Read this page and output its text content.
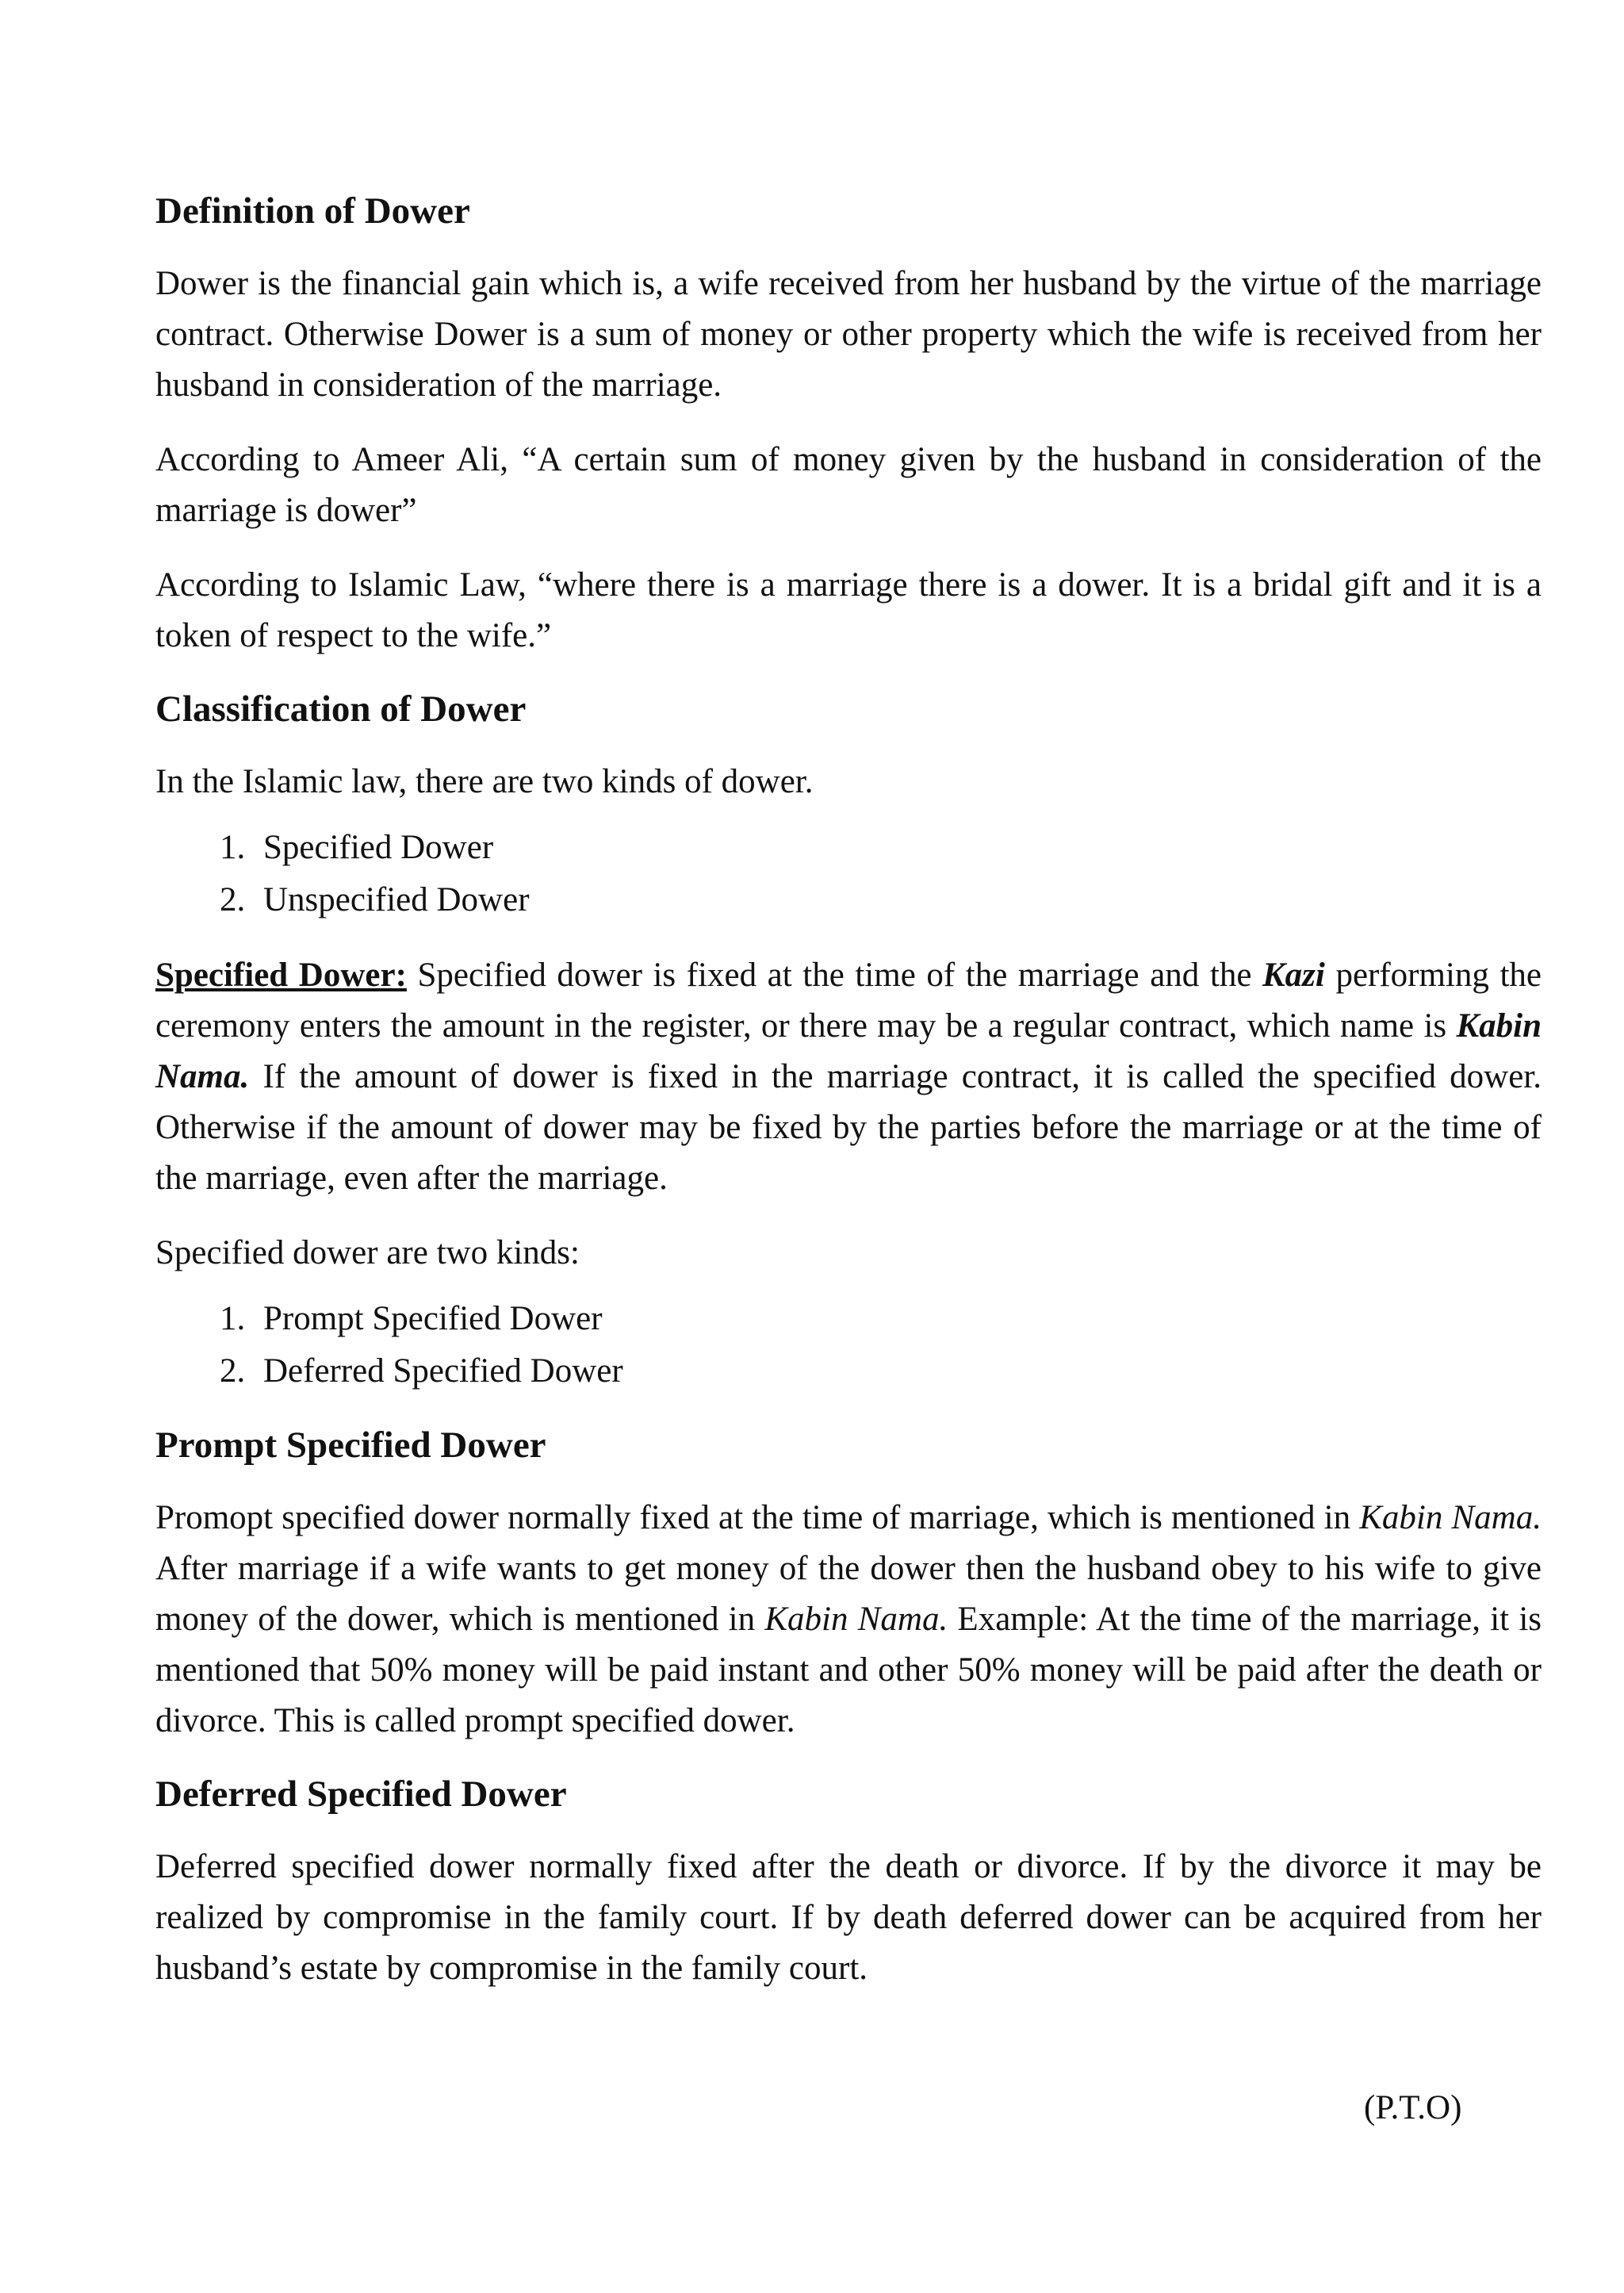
Definition of Dower

Dower is the financial gain which is, a wife received from her husband by the virtue of the marriage contract. Otherwise Dower is a sum of money or other property which the wife is received from her husband in consideration of the marriage.

According to Ameer Ali, “A certain sum of money given by the husband in consideration of the marriage is dower”

According to Islamic Law, “where there is a marriage there is a dower. It is a bridal gift and it is a token of respect to the wife.”

Classification of Dower

In the Islamic law, there are two kinds of dower.

1. Specified Dower
2. Unspecified Dower

Specified Dower: Specified dower is fixed at the time of the marriage and the Kazi performing the ceremony enters the amount in the register, or there may be a regular contract, which name is Kabin Nama. If the amount of dower is fixed in the marriage contract, it is called the specified dower. Otherwise if the amount of dower may be fixed by the parties before the marriage or at the time of the marriage, even after the marriage.

Specified dower are two kinds:

1. Prompt Specified Dower
2. Deferred Specified Dower
Prompt Specified Dower

Promopt specified dower normally fixed at the time of marriage, which is mentioned in Kabin Nama. After marriage if a wife wants to get money of the dower then the husband obey to his wife to give money of the dower, which is mentioned in Kabin Nama. Example: At the time of the marriage, it is mentioned that 50% money will be paid instant and other 50% money will be paid after the death or divorce. This is called prompt specified dower.

Deferred Specified Dower

Deferred specified dower normally fixed after the death or divorce. If by the divorce it may be realized by compromise in the family court. If by death deferred dower can be acquired from her husband’s estate by compromise in the family court.

(P.T.O)
